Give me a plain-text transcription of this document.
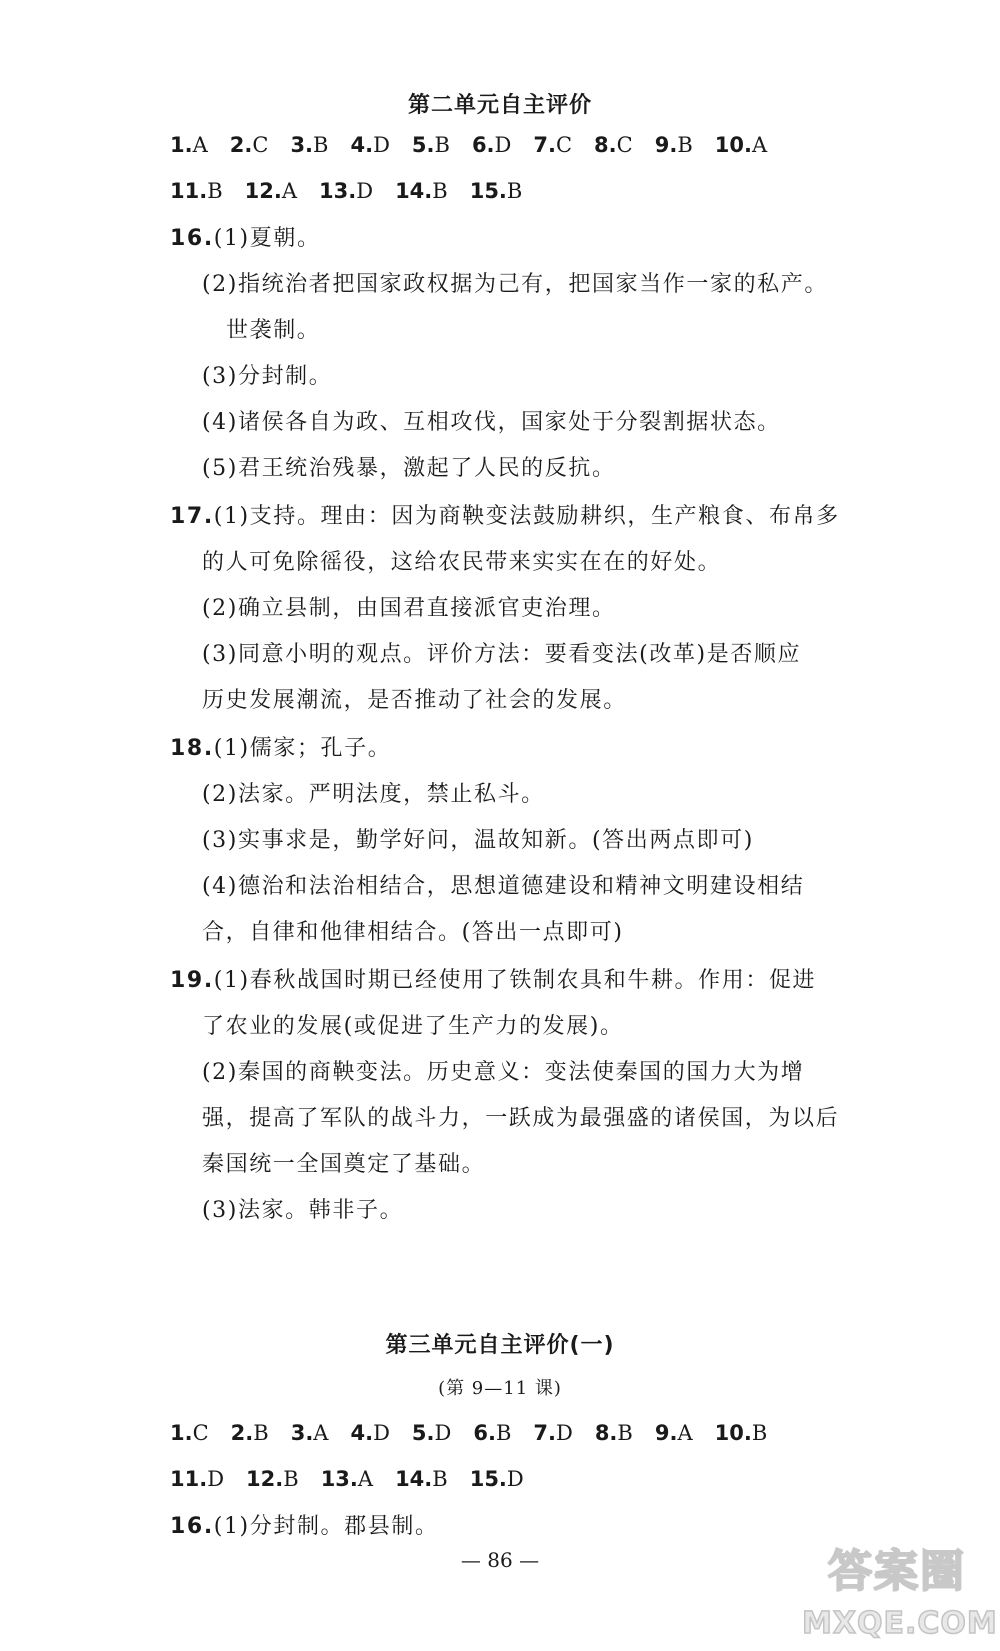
第二单元自主评价
1.A 2.C 3.B 4.D 5.B 6.D 7.C 8.C 9.B 10.A
11.B 12.A 13.D 14.B 15.B
16.(1)夏朝。
(2)指统治者把国家政权据为己有，把国家当作一家的私产。
世袭制。
(3)分封制。
(4)诸侯各自为政、互相攻伐，国家处于分裂割据状态。
(5)君王统治残暴，激起了人民的反抗。
17.(1)支持。理由：因为商鞅变法鼓励耕织，生产粮食、布帛多
的人可免除徭役，这给农民带来实实在在的好处。
(2)确立县制，由国君直接派官吏治理。
(3)同意小明的观点。评价方法：要看变法(改革)是否顺应
历史发展潮流，是否推动了社会的发展。
18.(1)儒家；孔子。
(2)法家。严明法度，禁止私斗。
(3)实事求是，勤学好问，温故知新。(答出两点即可)
(4)德治和法治相结合，思想道德建设和精神文明建设相结
合，自律和他律相结合。(答出一点即可)
19.(1)春秋战国时期已经使用了铁制农具和牛耕。作用：促进
了农业的发展(或促进了生产力的发展)。
(2)秦国的商鞅变法。历史意义：变法使秦国的国力大为增
强，提高了军队的战斗力，一跃成为最强盛的诸侯国，为以后
秦国统一全国奠定了基础。
(3)法家。韩非子。
第三单元自主评价(一)
(第 9—11 课)
1.C 2.B 3.A 4.D 5.D 6.B 7.D 8.B 9.A 10.B
11.D 12.B 13.A 14.B 15.D
16.(1)分封制。郡县制。
— 86 —	答案圈
MXQE.COM
